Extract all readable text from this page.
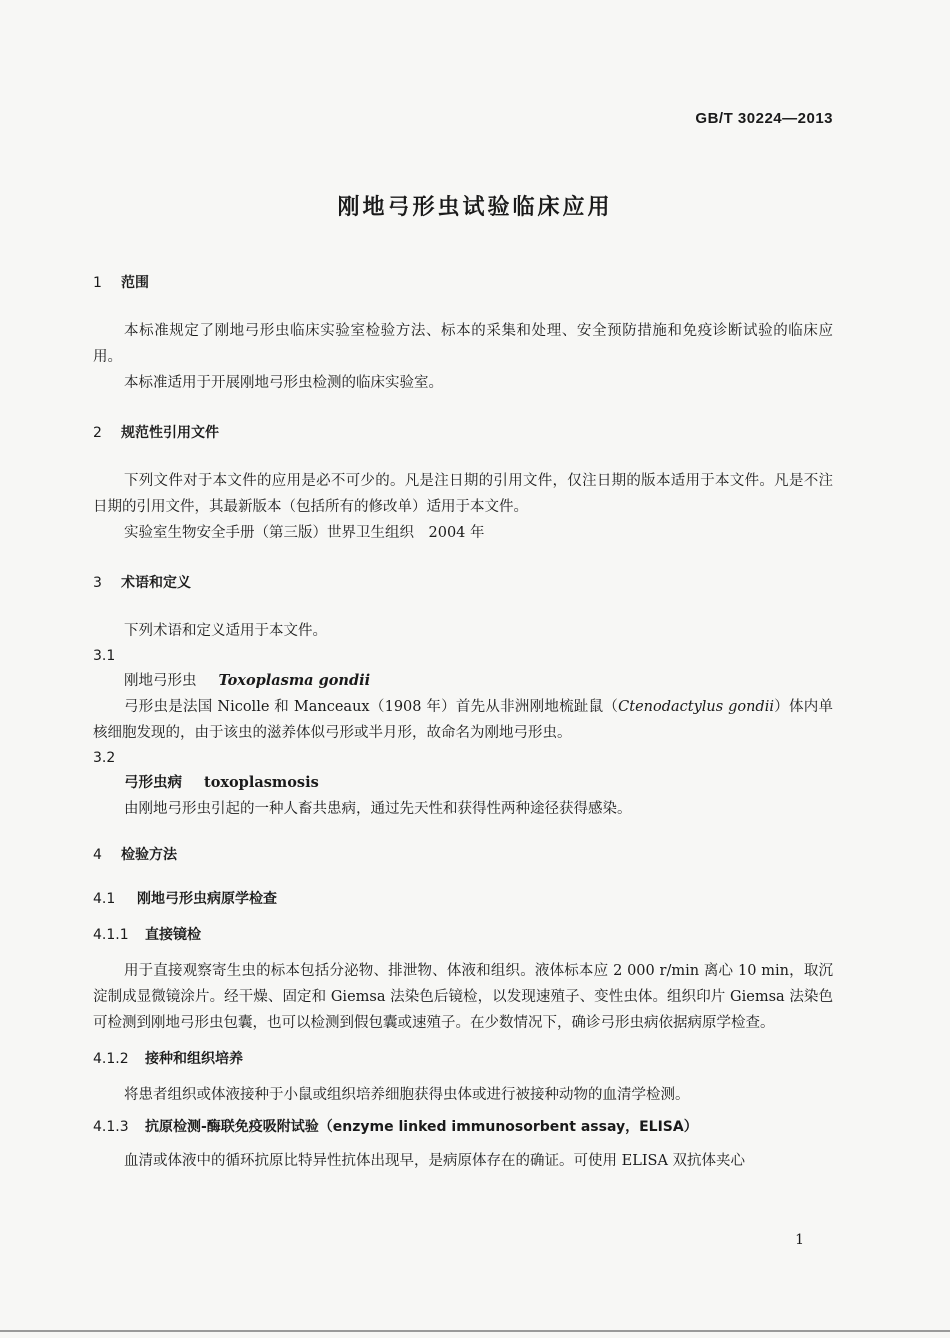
GB/T 30224—2013
刚地弓形虫试验临床应用
1 范围

本标准规定了刚地弓形虫临床实验室检验方法、标本的采集和处理、安全预防措施和免疫诊断试验的临床应用。

本标准适用于开展刚地弓形虫检测的临床实验室。

2 规范性引用文件

下列文件对于本文件的应用是必不可少的。凡是注日期的引用文件，仅注日期的版本适用于本文件。凡是不注日期的引用文件，其最新版本（包括所有的修改单）适用于本文件。

实验室生物安全手册（第三版）世界卫生组织　2004 年

3 术语和定义

下列术语和定义适用于本文件。

3.1
刚地弓形虫 Toxoplasma gondii

弓形虫是法国 Nicolle 和 Manceaux（1908 年）首先从非洲刚地梳趾鼠（Ctenodactylus gondii）体内单核细胞发现的，由于该虫的滋养体似弓形或半月形，故命名为刚地弓形虫。

3.2
弓形虫病 toxoplasmosis

由刚地弓形虫引起的一种人畜共患病，通过先天性和获得性两种途径获得感染。

4 检验方法
4.1 刚地弓形虫病原学检查
4.1.1 直接镜检

用于直接观察寄生虫的标本包括分泌物、排泄物、体液和组织。液体标本应 2 000 r/min 离心 10 min，取沉淀制成显微镜涂片。经干燥、固定和 Giemsa 法染色后镜检，以发现速殖子、变性虫体。组织印片 Giemsa 法染色可检测到刚地弓形虫包囊，也可以检测到假包囊或速殖子。在少数情况下，确诊弓形虫病依据病原学检查。

4.1.2 接种和组织培养

将患者组织或体液接种于小鼠或组织培养细胞获得虫体或进行被接种动物的血清学检测。

4.1.3 抗原检测-酶联免疫吸附试验（enzyme linked immunosorbent assay，ELISA）

血清或体液中的循环抗原比特异性抗体出现早，是病原体存在的确证。可使用 ELISA 双抗体夹心

1
